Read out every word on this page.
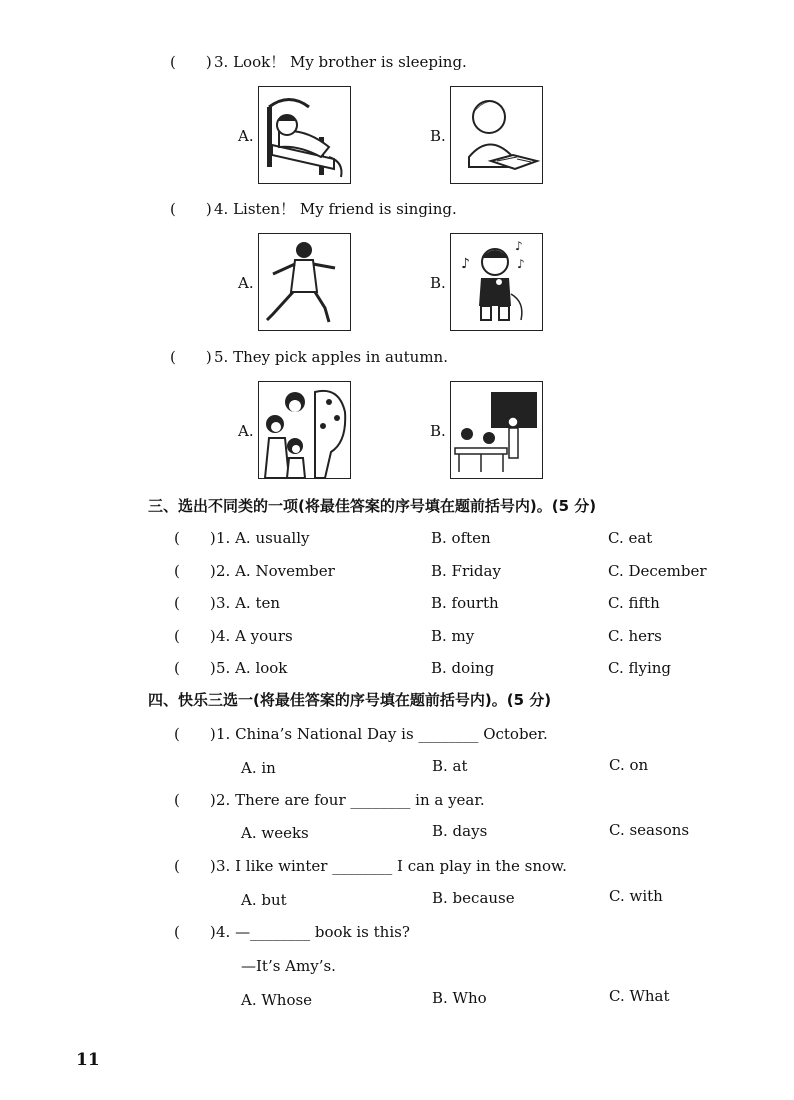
(　　) 3. Look！ My brother is sleeping.
A.	B.
(　　) 4. Listen！ My friend is singing.
A.	B.
♪
♪
♪
(　　) 5. They pick apples in autumn.
A.	B.
三、选出不同类的一项(将最佳答案的序号填在题前括号内)。(5 分)
(　　) 1. A. usually	B. often	C. eat
(　　) 2. A. November	B. Friday	C. December
(　　) 3. A. ten	B. fourth	C. fifth
(　　) 4. A yours	B. my	C. hers
(　　) 5. A. look	B. doing	C. flying
四、快乐三选一(将最佳答案的序号填在题前括号内)。(5 分)
(　　) 1. China’s National Day is ________ October.
A. in	B. at	C. on
(　　) 2. There are four ________ in a year.
A. weeks	B. days	C. seasons
(　　) 3. I like winter ________ I can play in the snow.
A. but	B. because	C. with
(　　) 4. —________ book is this?
—It’s Amy’s.
A. Whose	B. Who	C. What
11
